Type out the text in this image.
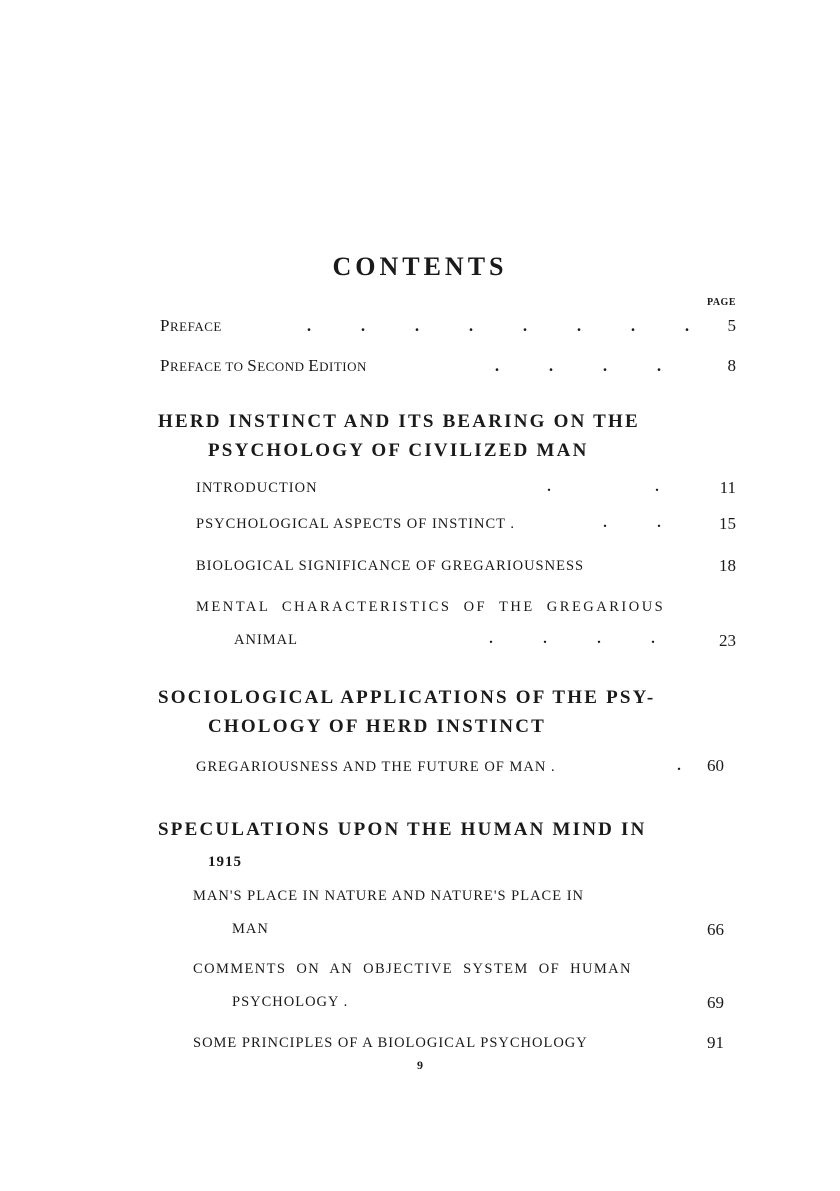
CONTENTS
PAGE
PREFACE	.	.	.	.	.	.	.	.	5
PREFACE TO SECOND EDITION	.	.	.	.	8
HERD INSTINCT AND ITS BEARING ON THE
PSYCHOLOGY OF CIVILIZED MAN
INTRODUCTION	.	.	11
PSYCHOLOGICAL ASPECTS OF INSTINCT .	.	.	15
BIOLOGICAL SIGNIFICANCE OF GREGARIOUSNESS	18
MENTAL CHARACTERISTICS OF THE GREGARIOUS
ANIMAL	.	.	.	.	23
SOCIOLOGICAL APPLICATIONS OF THE PSY-
CHOLOGY OF HERD INSTINCT
GREGARIOUSNESS AND THE FUTURE OF MAN .	.	60
SPECULATIONS UPON THE HUMAN MIND IN
1915
MAN'S PLACE IN NATURE AND NATURE'S PLACE IN
MAN	66
COMMENTS ON AN OBJECTIVE SYSTEM OF HUMAN
PSYCHOLOGY .	69
SOME PRINCIPLES OF A BIOLOGICAL PSYCHOLOGY	91
9
